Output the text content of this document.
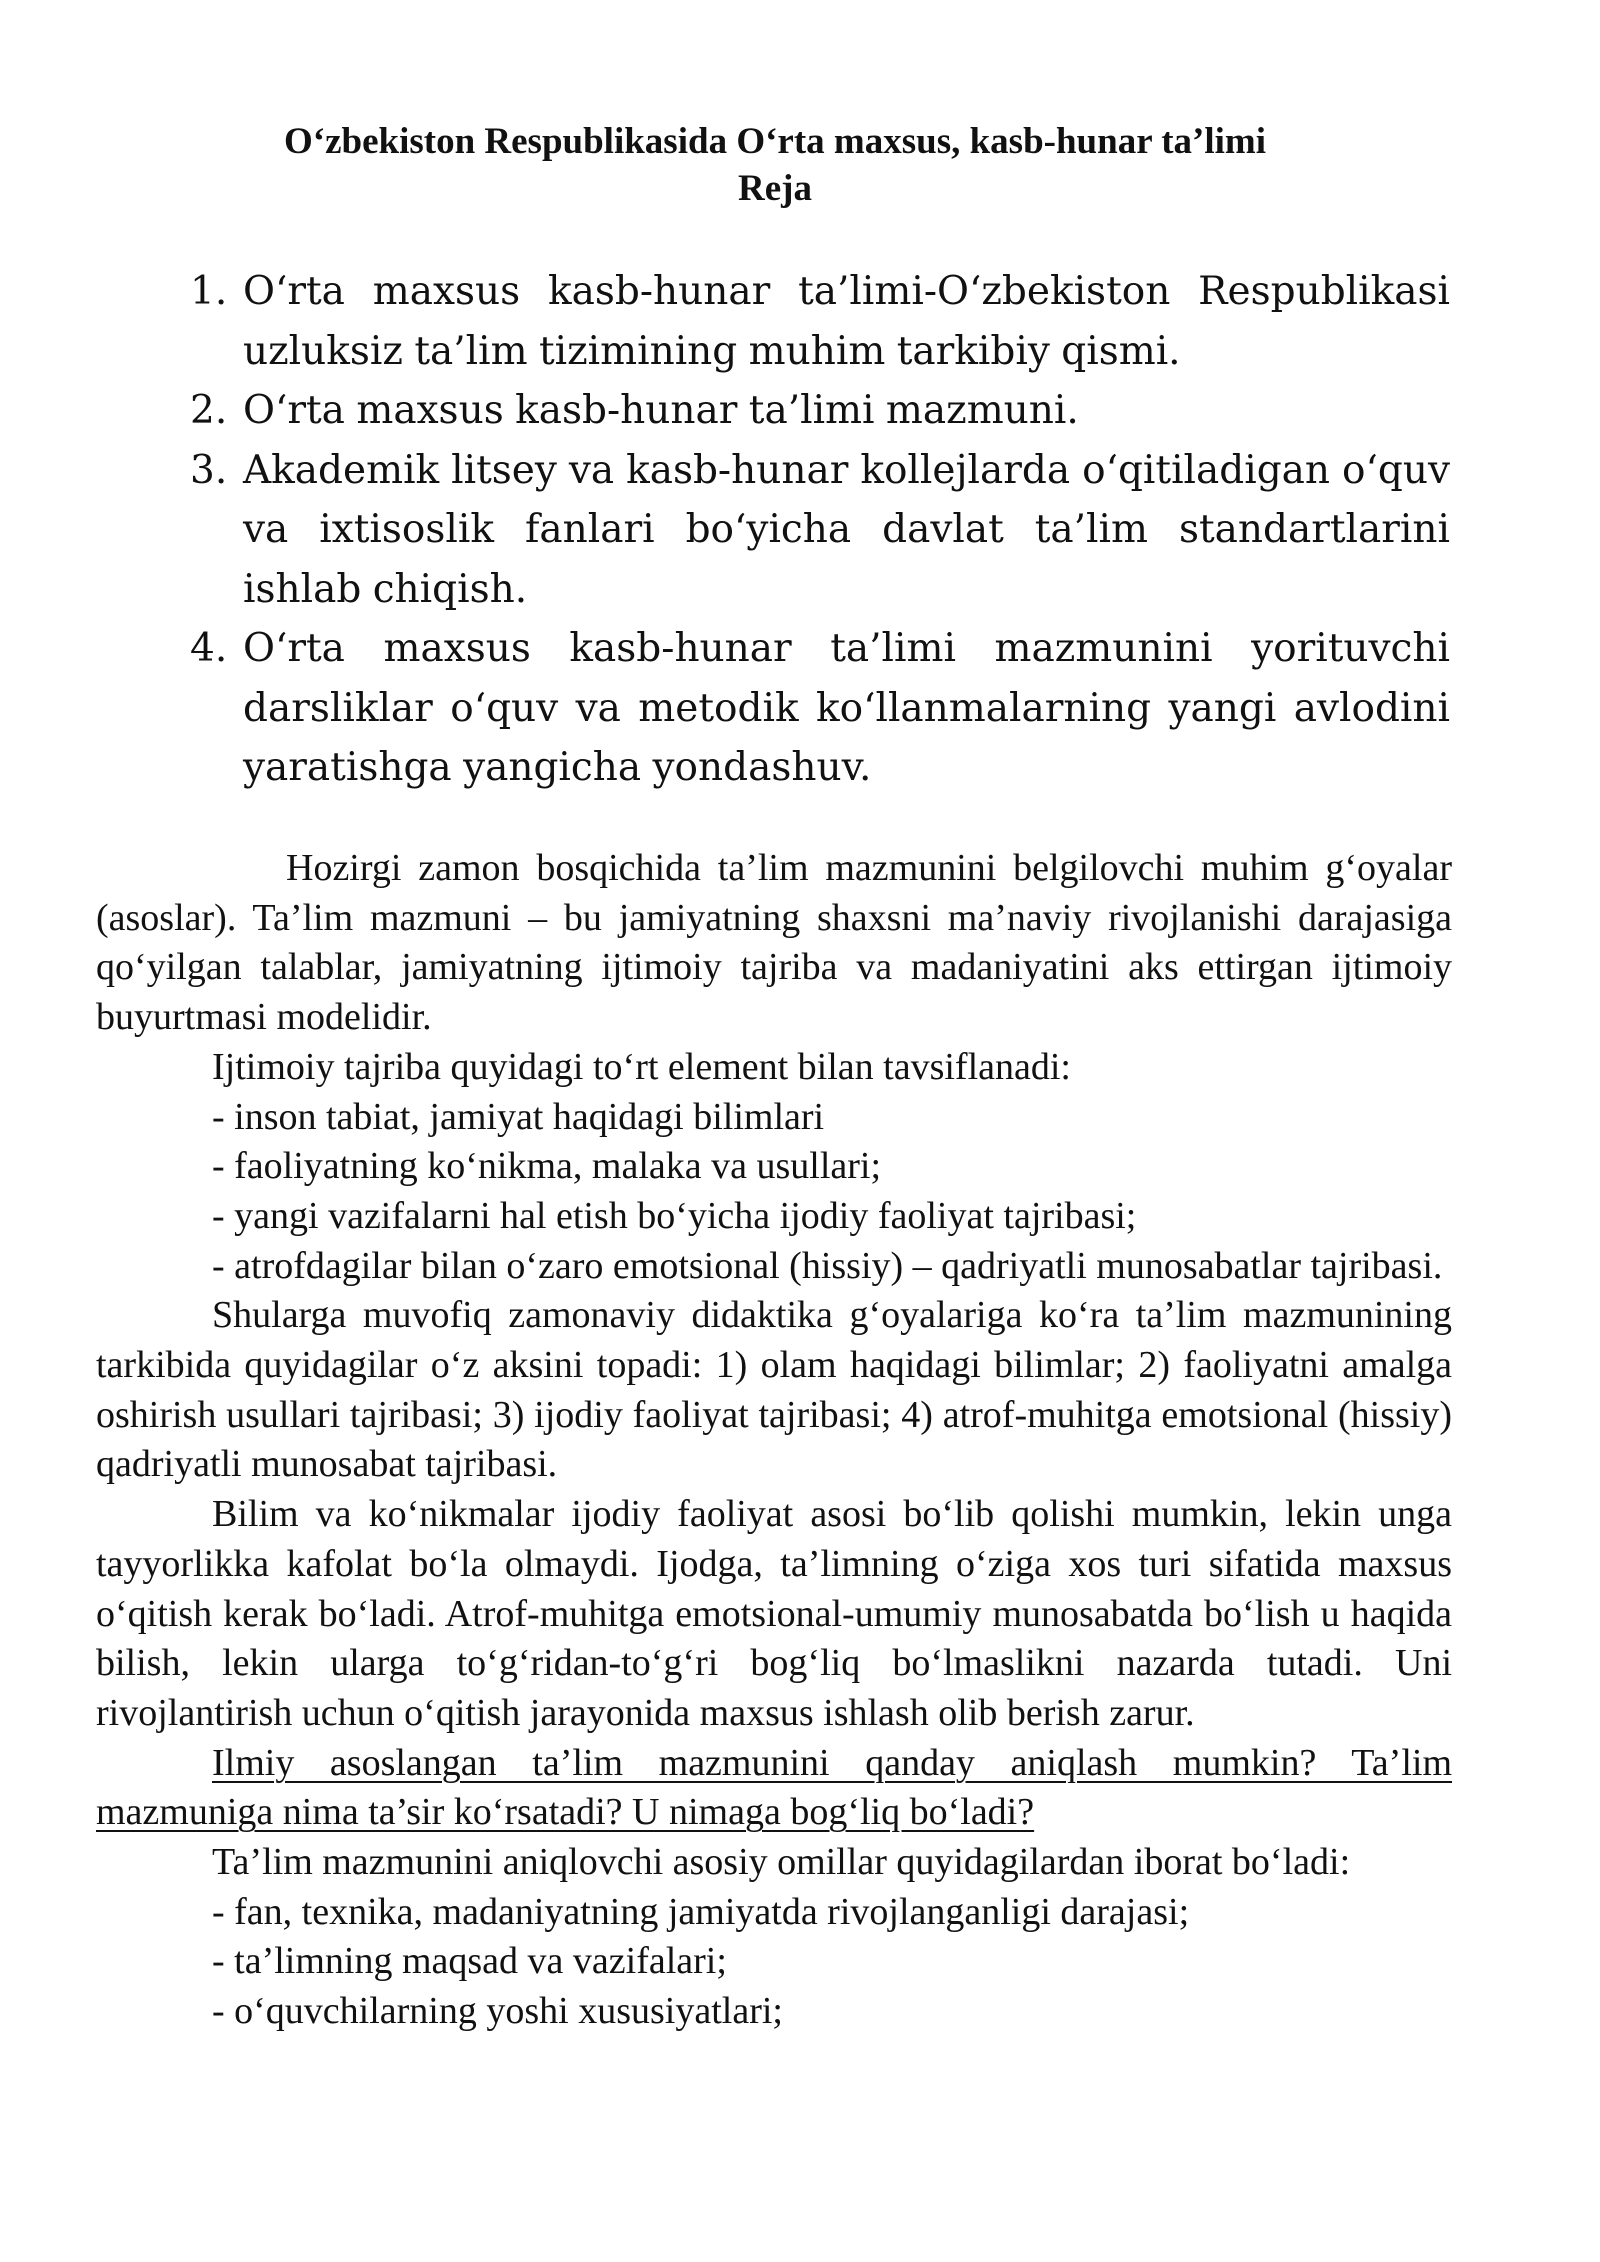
O‘zbekiston Respublikasida O‘rta maxsus, kasb-hunar ta’limi
Reja
1. O‘rta maxsus kasb-hunar ta’limi-O‘zbekiston Respublikasi uzluksiz ta’lim tizimining muhim tarkibiy qismi.
2. O‘rta maxsus kasb-hunar ta’limi mazmuni.
3. Akademik litsey va kasb-hunar kollejlarda o‘qitiladigan o‘quv va ixtisoslik fanlari bo‘yicha davlat ta’lim standartlarini ishlab chiqish.
4. O‘rta maxsus kasb-hunar ta’limi mazmunini yorituvchi darsliklar o‘quv va metodik ko‘llanmalarning yangi avlodini yaratishga yangicha yondashuv.

Hozirgi zamon bosqichida ta’lim mazmunini belgilovchi muhim g‘oyalar (asoslar). Ta’lim mazmuni – bu jamiyatning shaxsni ma’naviy rivojlanishi darajasiga qo‘yilgan talablar, jamiyatning ijtimoiy tajriba va madaniyatini aks ettirgan ijtimoiy buyurtmasi modelidir.

Ijtimoiy tajriba quyidagi to‘rt element bilan tavsiflanadi:

- inson tabiat, jamiyat haqidagi bilimlari

- faoliyatning ko‘nikma, malaka va usullari;

- yangi vazifalarni hal etish bo‘yicha ijodiy faoliyat tajribasi;

- atrofdagilar bilan o‘zaro emotsional (hissiy) – qadriyatli munosabatlar tajribasi.

Shularga muvofiq zamonaviy didaktika g‘oyalariga ko‘ra ta’lim mazmunining tarkibida quyidagilar o‘z aksini topadi: 1) olam haqidagi bilimlar; 2) faoliyatni amalga oshirish usullari tajribasi; 3) ijodiy faoliyat tajribasi; 4) atrof-muhitga emotsional (hissiy) qadriyatli munosabat tajribasi.

Bilim va ko‘nikmalar ijodiy faoliyat asosi bo‘lib qolishi mumkin, lekin unga tayyorlikka kafolat bo‘la olmaydi. Ijodga, ta’limning o‘ziga xos turi sifatida maxsus o‘qitish kerak bo‘ladi. Atrof-muhitga emotsional-umumiy munosabatda bo‘lish u haqida bilish, lekin ularga to‘g‘ridan-to‘g‘ri bog‘liq bo‘lmaslikni nazarda tutadi. Uni rivojlantirish uchun o‘qitish jarayonida maxsus ishlash olib berish zarur.

Ilmiy asoslangan ta’lim mazmunini qanday aniqlash mumkin? Ta’lim mazmuniga nima ta’sir ko‘rsatadi? U nimaga bog‘liq bo‘ladi?

Ta’lim mazmunini aniqlovchi asosiy omillar quyidagilardan iborat bo‘ladi:

- fan, texnika, madaniyatning jamiyatda rivojlanganligi darajasi;

- ta’limning maqsad va vazifalari;

- o‘quvchilarning yoshi xususiyatlari;
